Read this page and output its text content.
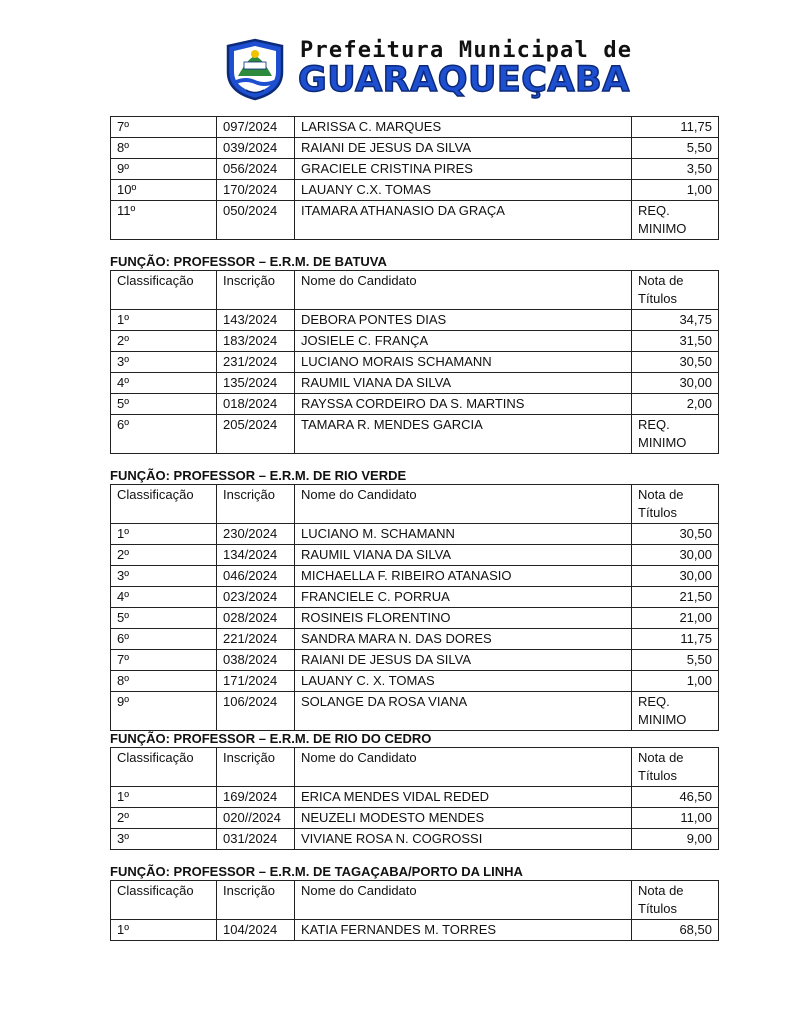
Prefeitura Municipal de
GUARAQUEÇABA
7º	097/2024	LARISSA C. MARQUES	11,75
8º	039/2024	RAIANI DE JESUS DA SILVA	5,50
9º	056/2024	GRACIELE CRISTINA PIRES	3,50
10º	170/2024	LAUANY C.X. TOMAS	1,00
11º	050/2024	ITAMARA ATHANASIO DA GRAÇA	REQ.
MINIMO
FUNÇÃO: PROFESSOR – E.R.M. DE BATUVA
Classificação	Inscrição	Nome do Candidato	Nota de
Títulos

1º	143/2024	DEBORA PONTES DIAS	34,75
2º	183/2024	JOSIELE C. FRANÇA	31,50
3º	231/2024	LUCIANO MORAIS SCHAMANN	30,50
4º	135/2024	RAUMIL VIANA DA SILVA	30,00
5º	018/2024	RAYSSA CORDEIRO DA S. MARTINS	2,00
6º	205/2024	TAMARA R. MENDES GARCIA	REQ.
MINIMO
FUNÇÃO: PROFESSOR – E.R.M. DE RIO VERDE
Classificação	Inscrição	Nome do Candidato	Nota de
Títulos

1º	230/2024	LUCIANO M. SCHAMANN	30,50
2º	134/2024	RAUMIL VIANA DA SILVA	30,00
3º	046/2024	MICHAELLA F. RIBEIRO ATANASIO	30,00
4º	023/2024	FRANCIELE C. PORRUA	21,50
5º	028/2024	ROSINEIS FLORENTINO	21,00
6º	221/2024	SANDRA MARA N. DAS DORES	11,75
7º	038/2024	RAIANI DE JESUS DA SILVA	5,50
8º	171/2024	LAUANY C. X. TOMAS	1,00
9º	106/2024	SOLANGE DA ROSA VIANA	REQ.
MINIMO
FUNÇÃO: PROFESSOR – E.R.M. DE RIO DO CEDRO
Classificação	Inscrição	Nome do Candidato	Nota de
Títulos

1º	169/2024	ERICA MENDES VIDAL REDED	46,50
2º	020//2024	NEUZELI MODESTO MENDES	11,00
3º	031/2024	VIVIANE ROSA N. COGROSSI	9,00
FUNÇÃO: PROFESSOR – E.R.M. DE TAGAÇABA/PORTO DA LINHA
Classificação	Inscrição	Nome do Candidato	Nota de
Títulos

1º	104/2024	KATIA FERNANDES M. TORRES	68,50
